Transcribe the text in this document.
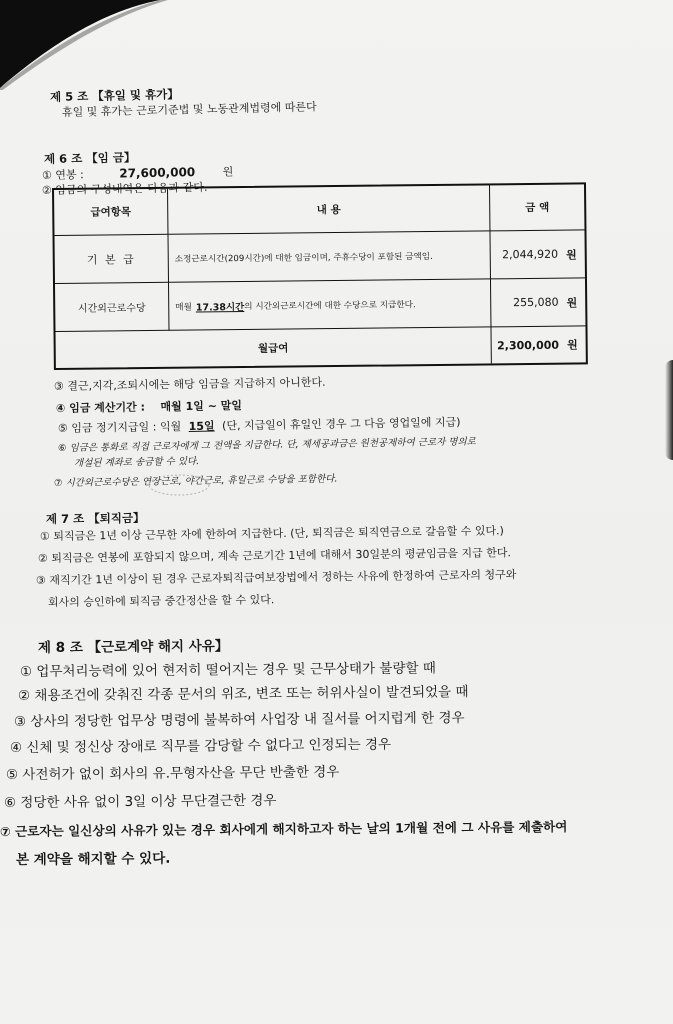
제 5 조 【휴일 및 휴가】
휴일 및 휴가는 근로기준법 및 노동관계법령에 따른다
제 6 조 【임 금】
① 연봉 :	27,600,000 원
② 임금의 구성내역은 다음과 같다.
급여항목	내 용	금 액
기 본 급	소정근로시간(209시간)에 대한 임금이며, 주휴수당이 포함된 금액임.	2,044,920 원
시간외근로수당	매월 17.38시간 의 시간외근로시간에 대한 수당으로 지급한다.	255,080 원
월급여	2,300,000 원
③ 결근,지각,조퇴시에는 해당 임금을 지급하지 아니한다.
④ 임금 계산기간 : 매월 1일 ~ 말일
⑤ 임금 정기지급일 : 익월 15일 (단, 지급일이 휴일인 경우 그 다음 영업일에 지급)
⑥ 임금은 통화로 직접 근로자에게 그 전액을 지급한다. 단, 제세공과금은 원천공제하여 근로자 명의로
개설된 계좌로 송금할 수 있다.
⑦ 시간외근로수당은 연장근로, 야간근로, 휴일근로 수당을 포함한다.
제 7 조 【퇴직금】
① 퇴직금은 1년 이상 근무한 자에 한하여 지급한다. (단, 퇴직금은 퇴직연금으로 갈음할 수 있다.)
② 퇴직금은 연봉에 포함되지 않으며, 계속 근로기간 1년에 대해서 30일분의 평균임금을 지급 한다.
③ 재직기간 1년 이상이 된 경우 근로자퇴직급여보장법에서 정하는 사유에 한정하여 근로자의 청구와
회사의 승인하에 퇴직금 중간정산을 할 수 있다.
제 8 조 【근로계약 해지 사유】
① 업무처리능력에 있어 현저히 떨어지는 경우 및 근무상태가 불량할 때
② 채용조건에 갖춰진 각종 문서의 위조, 변조 또는 허위사실이 발견되었을 때
③ 상사의 정당한 업무상 명령에 불복하여 사업장 내 질서를 어지럽게 한 경우
④ 신체 및 정신상 장애로 직무를 감당할 수 없다고 인정되는 경우
⑤ 사전허가 없이 회사의 유.무형자산을 무단 반출한 경우
⑥ 정당한 사유 없이 3일 이상 무단결근한 경우
⑦ 근로자는 일신상의 사유가 있는 경우 회사에게 해지하고자 하는 날의 1개월 전에 그 사유를 제출하여
본 계약을 해지할 수 있다.
